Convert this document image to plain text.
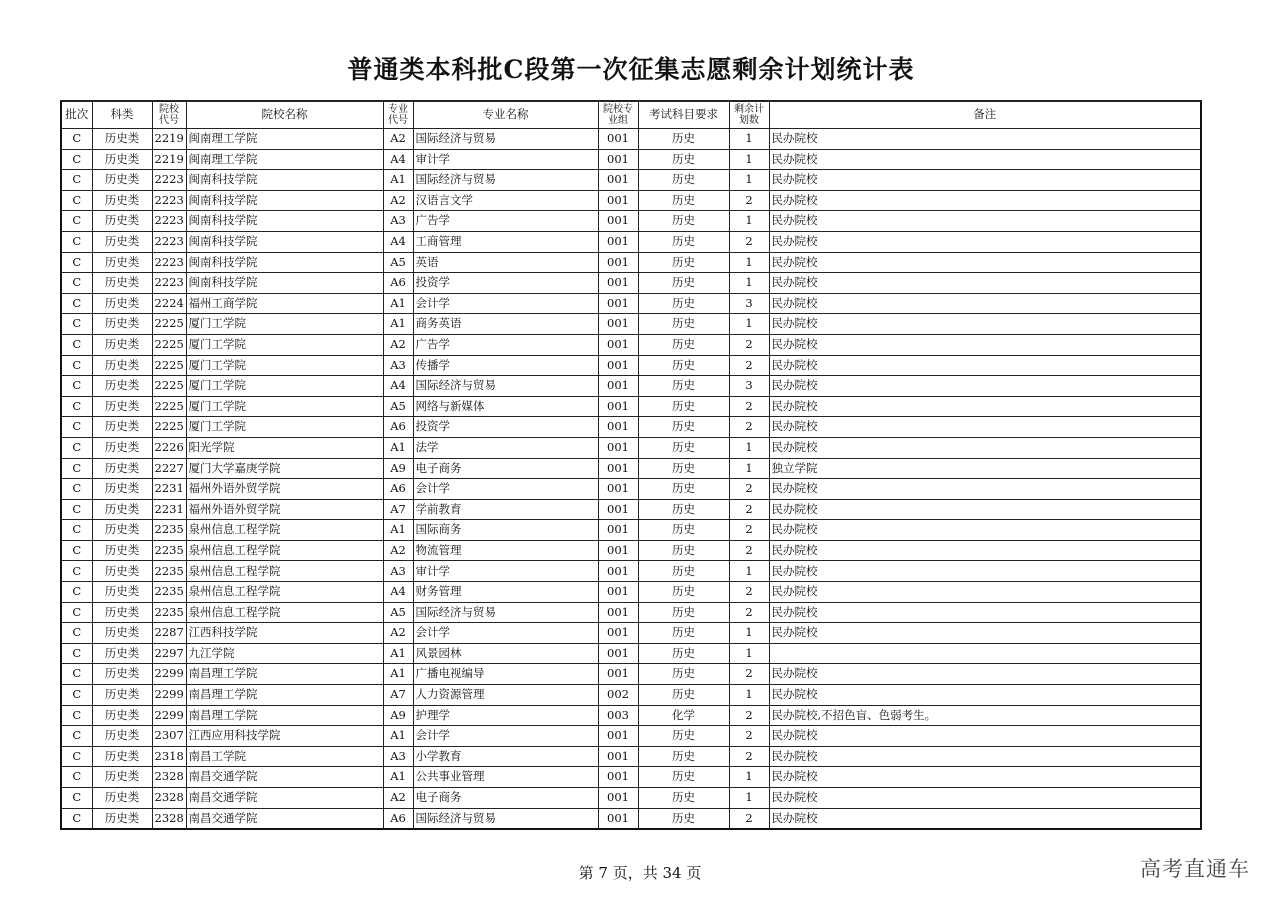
普通类本科批C段第一次征集志愿剩余计划统计表
批次	科类	院校代号	院校名称	专业代号	专业名称	院校专业组	考试科目要求	剩余计划数	备注
C	历史类	2219	闽南理工学院	A2	国际经济与贸易	001	历史	1	民办院校
C	历史类	2219	闽南理工学院	A4	审计学	001	历史	1	民办院校
C	历史类	2223	闽南科技学院	A1	国际经济与贸易	001	历史	1	民办院校
C	历史类	2223	闽南科技学院	A2	汉语言文学	001	历史	2	民办院校
C	历史类	2223	闽南科技学院	A3	广告学	001	历史	1	民办院校
C	历史类	2223	闽南科技学院	A4	工商管理	001	历史	2	民办院校
C	历史类	2223	闽南科技学院	A5	英语	001	历史	1	民办院校
C	历史类	2223	闽南科技学院	A6	投资学	001	历史	1	民办院校
C	历史类	2224	福州工商学院	A1	会计学	001	历史	3	民办院校
C	历史类	2225	厦门工学院	A1	商务英语	001	历史	1	民办院校
C	历史类	2225	厦门工学院	A2	广告学	001	历史	2	民办院校
C	历史类	2225	厦门工学院	A3	传播学	001	历史	2	民办院校
C	历史类	2225	厦门工学院	A4	国际经济与贸易	001	历史	3	民办院校
C	历史类	2225	厦门工学院	A5	网络与新媒体	001	历史	2	民办院校
C	历史类	2225	厦门工学院	A6	投资学	001	历史	2	民办院校
C	历史类	2226	阳光学院	A1	法学	001	历史	1	民办院校
C	历史类	2227	厦门大学嘉庚学院	A9	电子商务	001	历史	1	独立学院
C	历史类	2231	福州外语外贸学院	A6	会计学	001	历史	2	民办院校
C	历史类	2231	福州外语外贸学院	A7	学前教育	001	历史	2	民办院校
C	历史类	2235	泉州信息工程学院	A1	国际商务	001	历史	2	民办院校
C	历史类	2235	泉州信息工程学院	A2	物流管理	001	历史	2	民办院校
C	历史类	2235	泉州信息工程学院	A3	审计学	001	历史	1	民办院校
C	历史类	2235	泉州信息工程学院	A4	财务管理	001	历史	2	民办院校
C	历史类	2235	泉州信息工程学院	A5	国际经济与贸易	001	历史	2	民办院校
C	历史类	2287	江西科技学院	A2	会计学	001	历史	1	民办院校
C	历史类	2297	九江学院	A1	风景园林	001	历史	1	
C	历史类	2299	南昌理工学院	A1	广播电视编导	001	历史	2	民办院校
C	历史类	2299	南昌理工学院	A7	人力资源管理	002	历史	1	民办院校
C	历史类	2299	南昌理工学院	A9	护理学	003	化学	2	民办院校,不招色盲、色弱考生。
C	历史类	2307	江西应用科技学院	A1	会计学	001	历史	2	民办院校
C	历史类	2318	南昌工学院	A3	小学教育	001	历史	2	民办院校
C	历史类	2328	南昌交通学院	A1	公共事业管理	001	历史	1	民办院校
C	历史类	2328	南昌交通学院	A2	电子商务	001	历史	1	民办院校
C	历史类	2328	南昌交通学院	A6	国际经济与贸易	001	历史	2	民办院校
第 7 页，共 34 页	高考直通车
